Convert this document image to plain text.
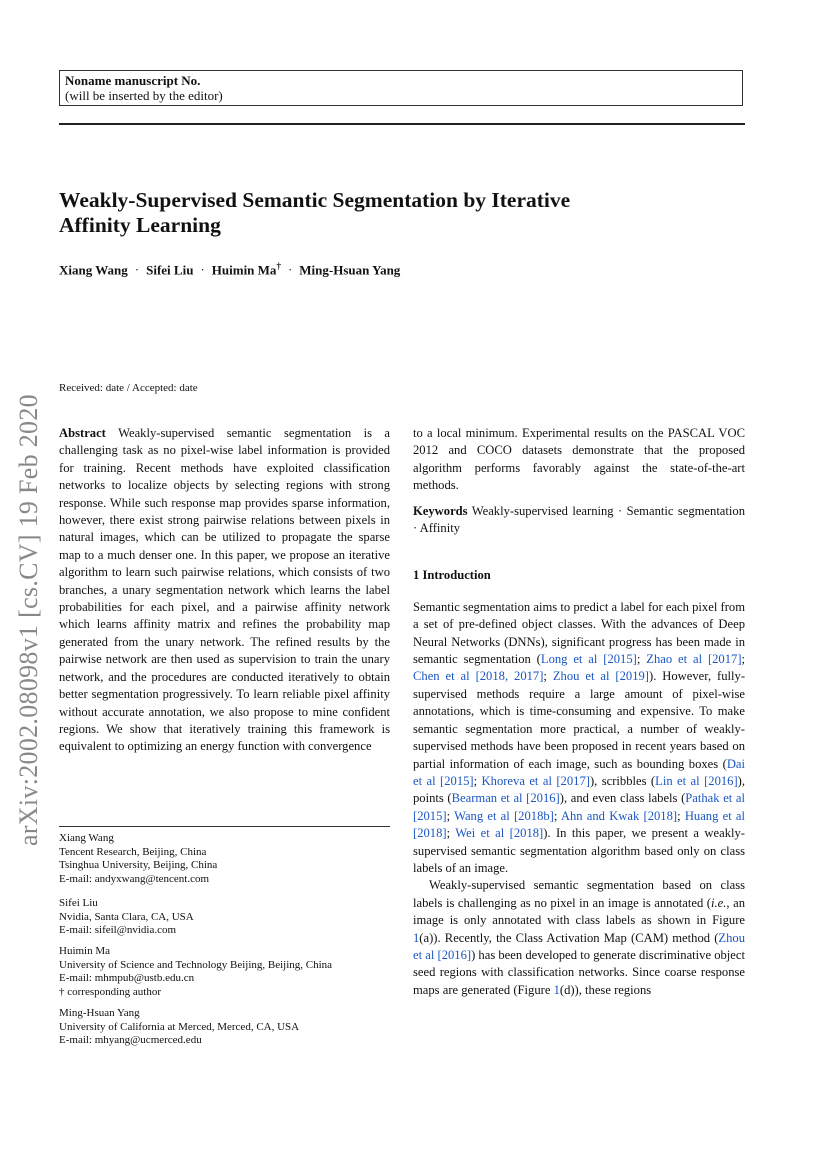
Noname manuscript No.
(will be inserted by the editor)
Weakly-Supervised Semantic Segmentation by Iterative
Affinity Learning
Xiang Wang · Sifei Liu · Huimin Ma† · Ming-Hsuan Yang
arXiv:2002.08098v1 [cs.CV] 19 Feb 2020
Received: date / Accepted: date

Abstract Weakly-supervised semantic segmentation is a challenging task as no pixel-wise label information is provided for training. Recent methods have exploited classification networks to localize objects by selecting regions with strong response. While such response map provides sparse information, however, there exist strong pairwise relations between pixels in natural images, which can be utilized to propagate the sparse map to a much denser one. In this paper, we propose an iterative algorithm to learn such pairwise relations, which consists of two branches, a unary segmentation network which learns the label probabilities for each pixel, and a pairwise affinity network which learns affinity matrix and refines the probability map generated from the unary network. The refined results by the pairwise network are then used as supervision to train the unary network, and the procedures are conducted iteratively to obtain better segmentation progressively. To learn reliable pixel affinity without accurate annotation, we also propose to mine confident regions. We show that iteratively training this framework is equivalent to optimizing an energy function with convergence

Xiang Wang
Tencent Research, Beijing, China
Tsinghua University, Beijing, China
E-mail: andyxwang@tencent.com
Sifei Liu
Nvidia, Santa Clara, CA, USA
E-mail: sifeil@nvidia.com
Huimin Ma
University of Science and Technology Beijing, Beijing, China
E-mail: mhmpub@ustb.edu.cn
† corresponding author
Ming-Hsuan Yang
University of California at Merced, Merced, CA, USA
E-mail: mhyang@ucmerced.edu

to a local minimum. Experimental results on the PASCAL VOC 2012 and COCO datasets demonstrate that the proposed algorithm performs favorably against the state-of-the-art methods.

Keywords Weakly-supervised learning · Semantic segmentation · Affinity

1 Introduction

Semantic segmentation aims to predict a label for each pixel from a set of pre-defined object classes. With the advances of Deep Neural Networks (DNNs), significant progress has been made in semantic segmentation (Long et al [2015]; Zhao et al [2017]; Chen et al [2018, 2017]; Zhou et al [2019]). However, fully-supervised methods require a large amount of pixel-wise annotations, which is time-consuming and expensive. To make semantic segmentation more practical, a number of weakly-supervised methods have been proposed in recent years based on partial information of each image, such as bounding boxes (Dai et al [2015]; Khoreva et al [2017]), scribbles (Lin et al [2016]), points (Bearman et al [2016]), and even class labels (Pathak et al [2015]; Wang et al [2018b]; Ahn and Kwak [2018]; Huang et al [2018]; Wei et al [2018]). In this paper, we present a weakly-supervised semantic segmentation algorithm based only on class labels of an image.

Weakly-supervised semantic segmentation based on class labels is challenging as no pixel in an image is annotated (i.e., an image is only annotated with class labels as shown in Figure 1(a)). Recently, the Class Activation Map (CAM) method (Zhou et al [2016]) has been developed to generate discriminative object seed regions with classification networks. Since coarse response maps are generated (Figure 1(d)), these regions
